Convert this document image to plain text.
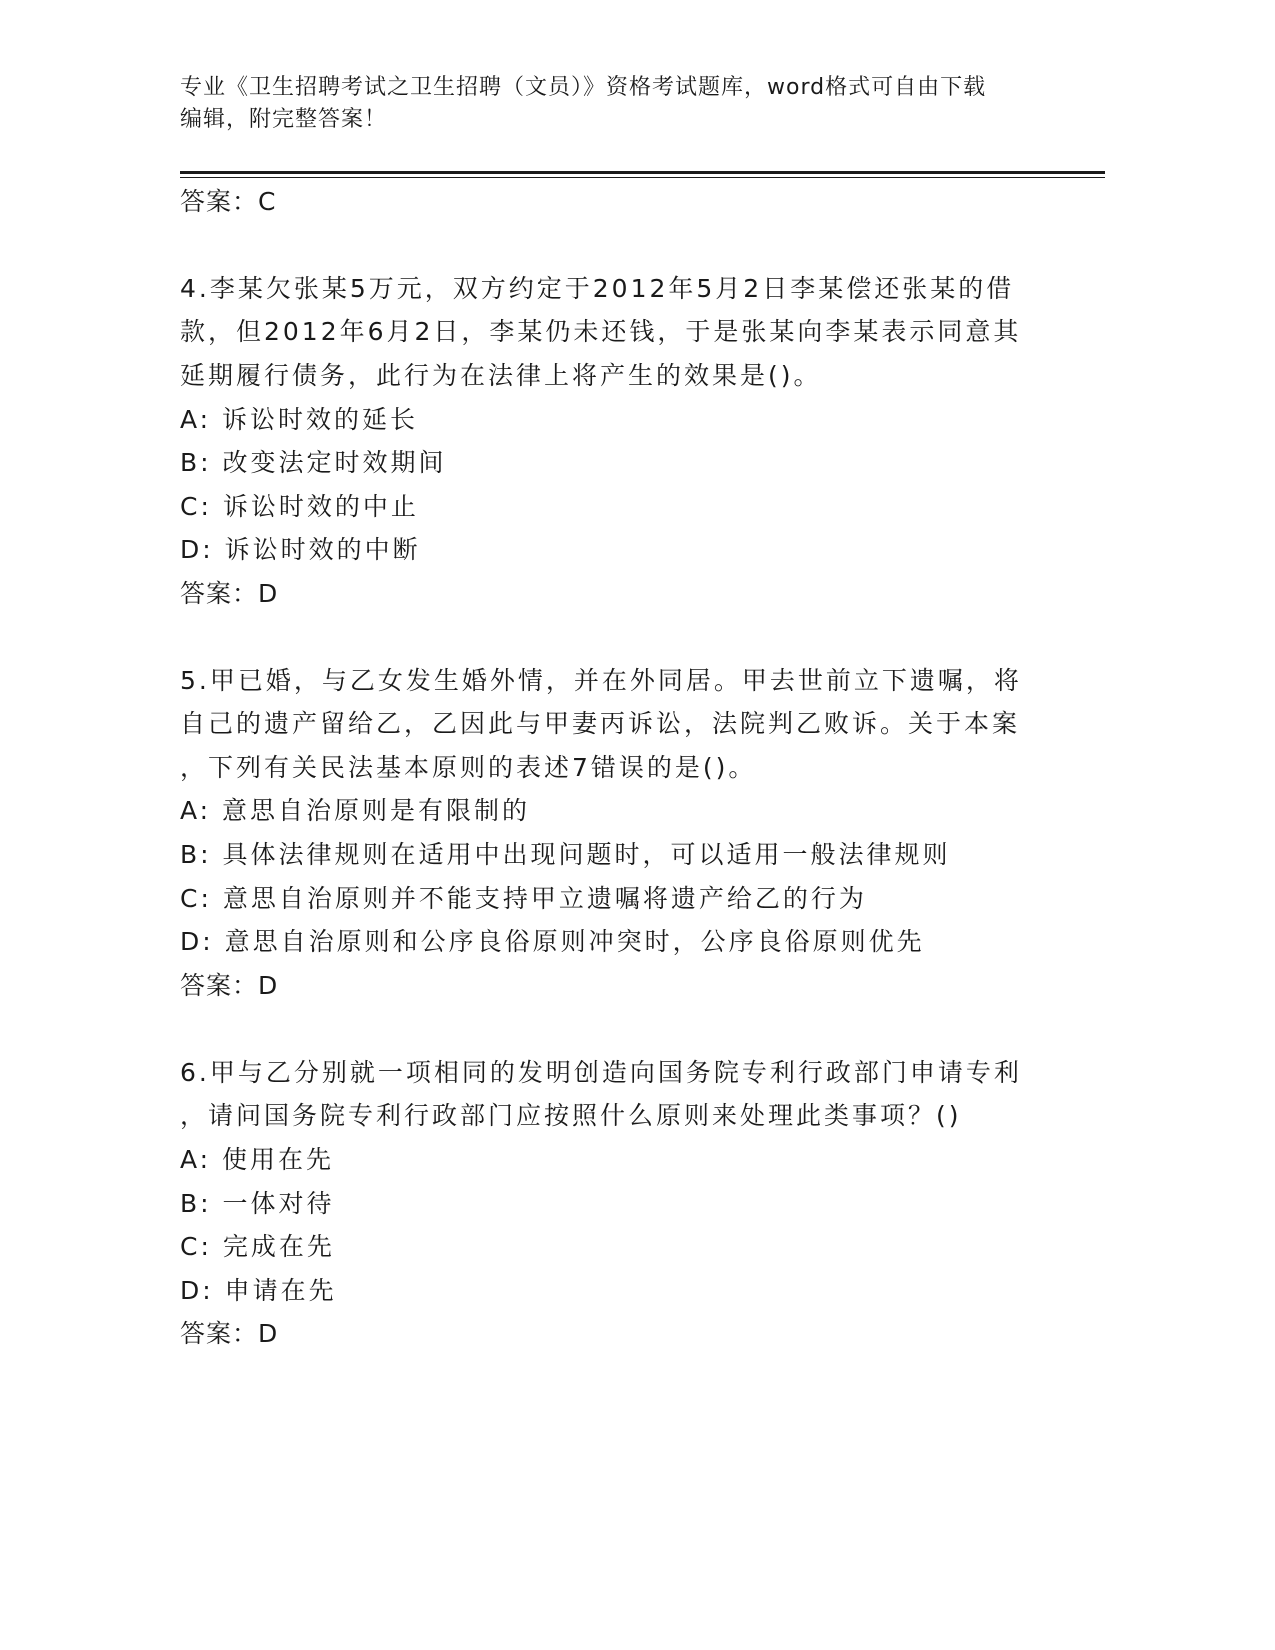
专业《卫生招聘考试之卫生招聘（文员）》资格考试题库，word格式可自由下载
编辑，附完整答案！
答案：C
4.李某欠张某5万元，双方约定于2012年5月2日李某偿还张某的借
款，但2012年6月2日，李某仍未还钱，于是张某向李某表示同意其
延期履行债务，此行为在法律上将产生的效果是()。
A: 诉讼时效的延长
B: 改变法定时效期间
C: 诉讼时效的中止
D: 诉讼时效的中断
答案：D
5.甲已婚，与乙女发生婚外情，并在外同居。甲去世前立下遗嘱，将
自己的遗产留给乙，乙因此与甲妻丙诉讼，法院判乙败诉。关于本案
，下列有关民法基本原则的表述7错误的是()。
A: 意思自治原则是有限制的
B: 具体法律规则在适用中出现问题时，可以适用一般法律规则
C: 意思自治原则并不能支持甲立遗嘱将遗产给乙的行为
D: 意思自治原则和公序良俗原则冲突时，公序良俗原则优先
答案：D
6.甲与乙分别就一项相同的发明创造向国务院专利行政部门申请专利
，请问国务院专利行政部门应按照什么原则来处理此类事项？()
A: 使用在先
B: 一体对待
C: 完成在先
D: 申请在先
答案：D
